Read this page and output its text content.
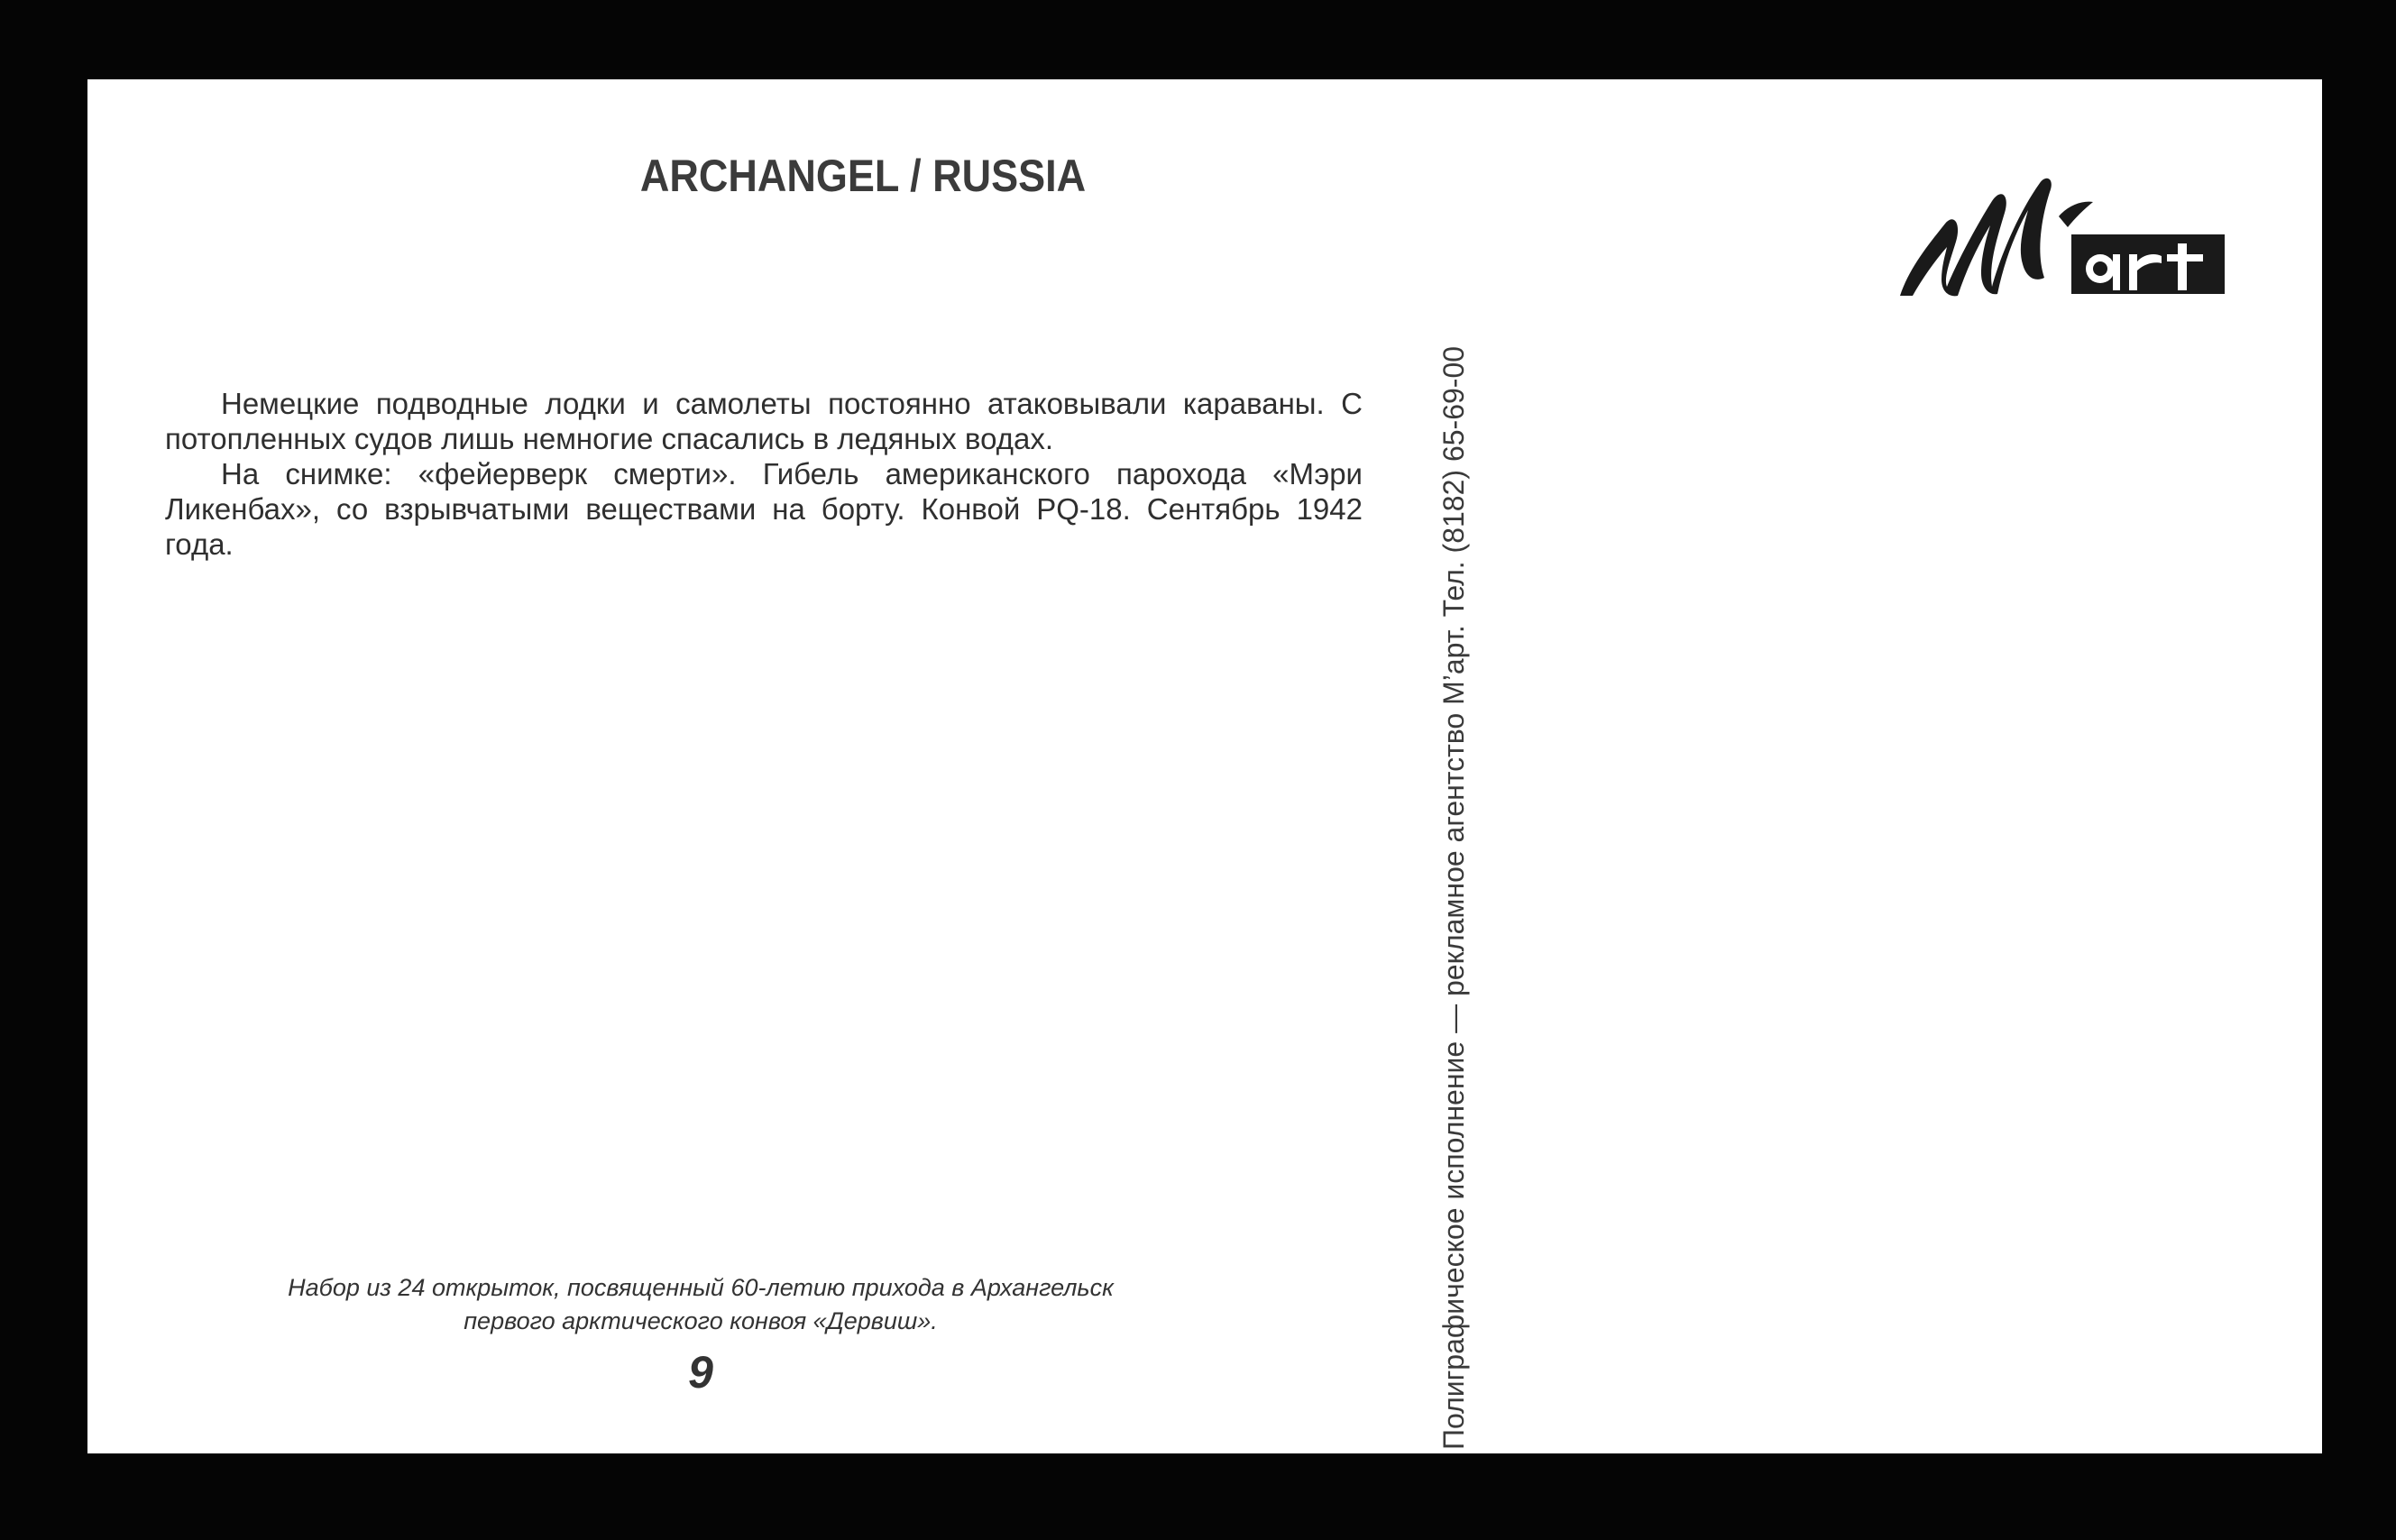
ARCHANGEL / RUSSIA

Немецкие подводные лодки и самолеты постоянно атаковывали караваны. С потопленных судов лишь немногие спасались в ледяных водах.

На снимке: «фейерверк смерти». Гибель американского парохода «Мэри Ликенбах», со взрывчатыми веществами на борту. Конвой PQ-18. Сентябрь 1942 года.

Набор из 24 открыток, посвященный 60-летию прихода в Архангельск
первого арктического конвоя «Дервиш».
9	Полиграфическое исполнение — рекламное агентство М’арт. Тел. (8182) 65-69-00
